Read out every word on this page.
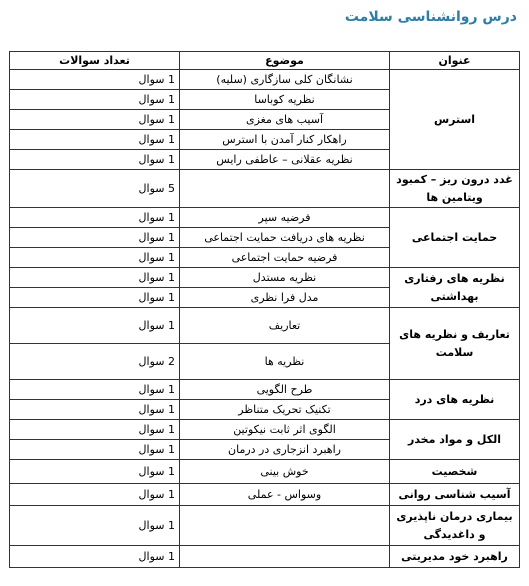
درس روانشناسی سلامت
عنوان	موضوع	تعداد سوالات
استرس	نشانگان کلی سازگاری (سلیه)	1 سوال
	نظریه کوباسا	1 سوال
	آسیب های مغزی	1 سوال
	راهکار کنار آمدن با استرس	1 سوال
	نظریه عقلانی – عاطفی رایس	1 سوال
غدد درون ریز – کمبود ویتامین ها		5 سوال
حمایت اجتماعی	فرضیه سپر	1 سوال
	نظریه های دریافت حمایت اجتماعی	1 سوال
	فرضیه حمایت اجتماعی	1 سوال
نظریه های رفتاری بهداشتی	نظریه مستدل	1 سوال
	مدل فرا نظری	1 سوال
تعاریف و نظریه های سلامت	تعاریف	1 سوال
	نظریه ها	2 سوال
نظریه های درد	طرح الگویی	1 سوال
	تکنیک تحریک متناظر	1 سوال
الکل و مواد مخدر	الگوی اثر ثابت نیکوتین	1 سوال
	راهبرد انزجاری در درمان	1 سوال
شخصیت	خوش بینی	1 سوال
آسیب شناسی روانی	وسواس - عملی	1 سوال
بیماری درمان ناپذیری و داغدیدگی		1 سوال
راهبرد خود مدیریتی		1 سوال
